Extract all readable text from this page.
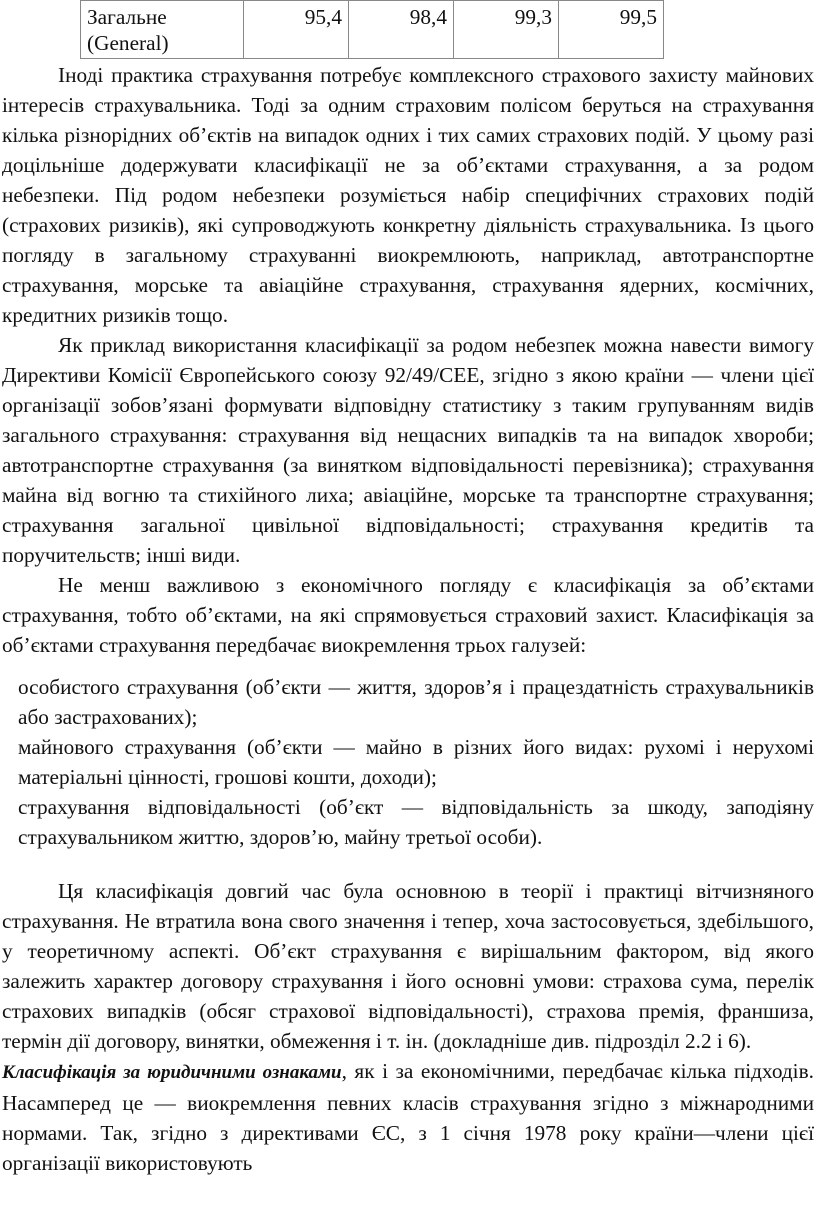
Загальне (General)	95,4	98,4	99,3	99,5

Іноді практика страхування потребує комплексного страхового захисту майнових інтересів страхувальника. Тоді за одним страховим полісом беруться на страхування кілька різнорідних об’єктів на випадок одних і тих самих страхових подій. У цьому разі доцільніше додержувати класифікації не за об’єктами страхування, а за родом небезпеки. Під родом небезпеки розуміється набір специфічних страхових подій (страхових ризиків), які супроводжують конкретну діяльність страхувальника. Із цього погляду в загальному страхуванні виокремлюють, наприклад, автотранспортне страхування, морське та авіаційне страхування, страхування ядерних, космічних, кредитних ризиків тощо.

Як приклад використання класифікації за родом небезпек можна навести вимогу Директиви Комісії Європейського союзу 92/49/CEE, згідно з якою країни — члени цієї організації зобов’язані формувати відповідну статистику з таким групуванням видів загального страхування: страхування від нещасних випадків та на випадок хвороби; автотранспортне страхування (за винятком відповідальності перевізника); страхування майна від вогню та стихійного лиха; авіаційне, морське та транспортне страхування; страхування загальної цивільної відповідальності; страхування кредитів та поручительств; інші види.

Не менш важливою з економічного погляду є класифікація за об’єктами страхування, тобто об’єктами, на які спрямовується страховий захист. Класифікація за об’єктами страхування передбачає виокремлення трьох галузей:

особистого страхування (об’єкти — життя, здоров’я і працездатність страхувальників або застрахованих);
майнового страхування (об’єкти — майно в різних його видах: рухомі і нерухомі матеріальні цінності, грошові кошти, доходи);
страхування відповідальності (об’єкт — відповідальність за шкоду, заподіяну страхувальником життю, здоров’ю, майну третьої особи).

Ця класифікація довгий час була основною в теорії і практиці вітчизняного страхування. Не втратила вона свого значення і тепер, хоча застосовується, здебільшого, у теоретичному аспекті. Об’єкт страхування є вирішальним фактором, від якого залежить характер договору страхування і його основні умови: страхова сума, перелік страхових випадків (обсяг страхової відповідальності), страхова премія, франшиза, термін дії договору, винятки, обмеження і т. ін. (докладніше див. підрозділ 2.2 і 6).

Класифікація за юридичними ознаками, як і за економічними, передбачає кілька підходів. Насамперед це — виокремлення певних класів страхування згідно з міжнародними нормами. Так, згідно з директивами ЄС, з 1 січня 1978 року країни—члени цієї організації використовують
